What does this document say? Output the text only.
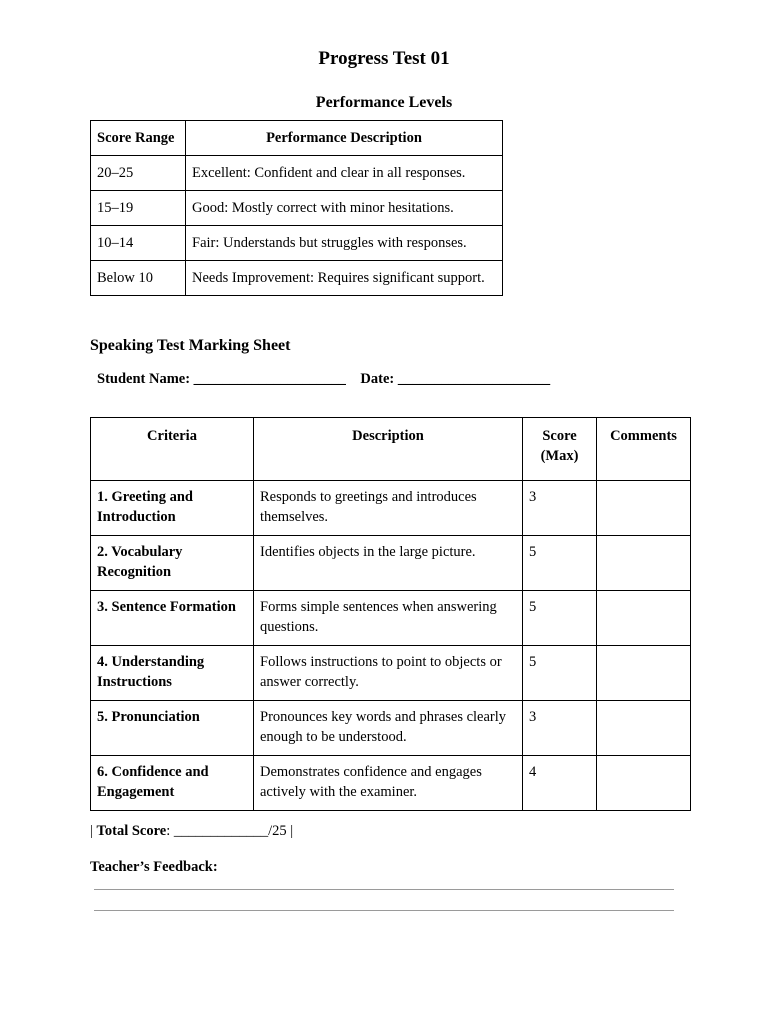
Progress Test 01
Performance Levels
Score Range	Performance Description
20–25	Excellent: Confident and clear in all responses.
15–19	Good: Mostly correct with minor hesitations.
10–14	Fair: Understands but struggles with responses.
Below 10	Needs Improvement: Requires significant support.
Speaking Test Marking Sheet
Student Name: _____________________ Date: _____________________
Criteria	Description	Score (Max)	Comments
1. Greeting and Introduction	Responds to greetings and introduces themselves.	3	
2. Vocabulary Recognition	Identifies objects in the large picture.	5	
3. Sentence Formation	Forms simple sentences when answering questions.	5	
4. Understanding Instructions	Follows instructions to point to objects or answer correctly.	5	
5. Pronunciation	Pronounces key words and phrases clearly enough to be understood.	3	
6. Confidence and Engagement	Demonstrates confidence and engages actively with the examiner.	4	
| Total Score: _____________/25 |
Teacher’s Feedback:
